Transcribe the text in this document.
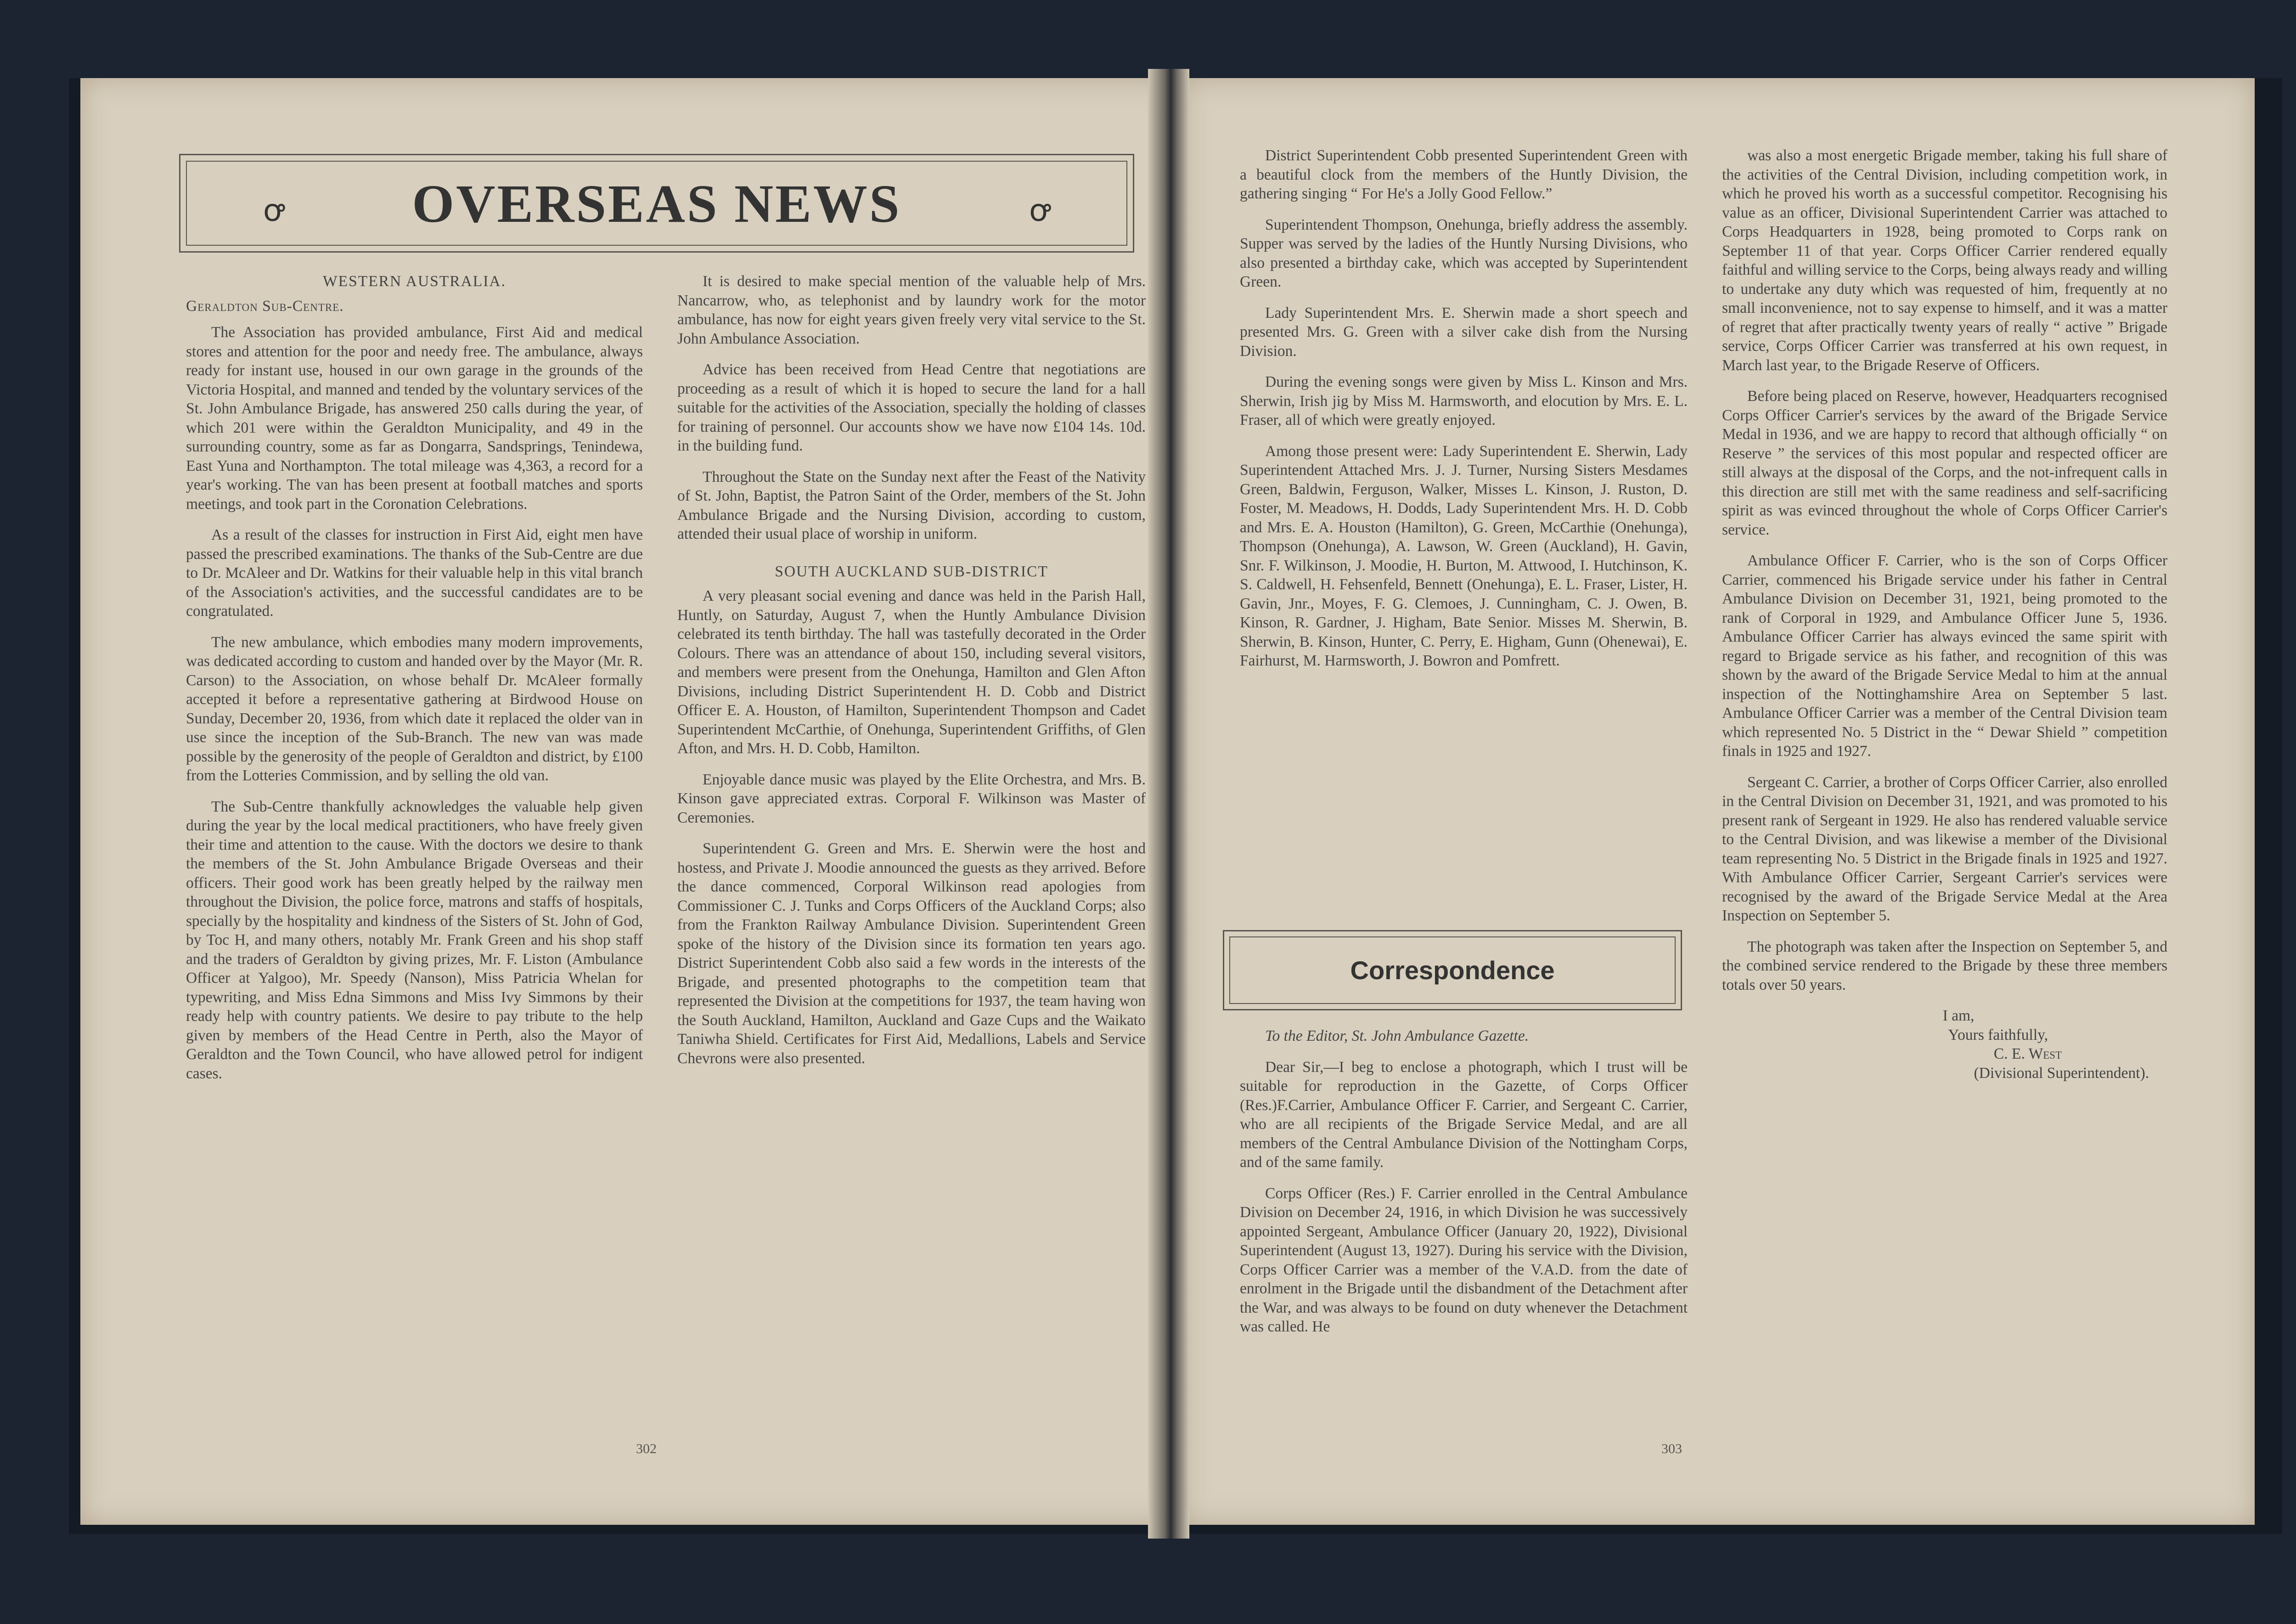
ꝍ	OVERSEAS NEWS	ꝍ

WESTERN AUSTRALIA.

Geraldton Sub-Centre.

The Association has provided ambulance, First Aid and medical stores and attention for the poor and needy free. The ambulance, always ready for instant use, housed in our own garage in the grounds of the Victoria Hospital, and manned and tended by the voluntary services of the St. John Ambulance Brigade, has answered 250 calls during the year, of which 201 were within the Geraldton Municipality, and 49 in the surrounding country, some as far as Dongarra, Sandsprings, Tenindewa, East Yuna and Northampton. The total mileage was 4,363, a record for a year's working. The van has been present at football matches and sports meetings, and took part in the Coronation Celebrations.

As a result of the classes for instruction in First Aid, eight men have passed the prescribed examinations. The thanks of the Sub-Centre are due to Dr. McAleer and Dr. Watkins for their valuable help in this vital branch of the Association's activities, and the successful candidates are to be congratulated.

The new ambulance, which embodies many modern improvements, was dedicated according to custom and handed over by the Mayor (Mr. R. Carson) to the Association, on whose behalf Dr. McAleer formally accepted it before a representative gathering at Birdwood House on Sunday, December 20, 1936, from which date it replaced the older van in use since the inception of the Sub-Branch. The new van was made possible by the generosity of the people of Geraldton and district, by £100 from the Lotteries Commission, and by selling the old van.

The Sub-Centre thankfully acknowledges the valuable help given during the year by the local medical practitioners, who have freely given their time and attention to the cause. With the doctors we desire to thank the members of the St. John Ambulance Brigade Overseas and their officers. Their good work has been greatly helped by the railway men throughout the Division, the police force, matrons and staffs of hospitals, specially by the hospitality and kindness of the Sisters of St. John of God, by Toc H, and many others, notably Mr. Frank Green and his shop staff and the traders of Geraldton by giving prizes, Mr. F. Liston (Ambulance Officer at Yalgoo), Mr. Speedy (Nanson), Miss Patricia Whelan for typewriting, and Miss Edna Simmons and Miss Ivy Simmons by their ready help with country patients. We desire to pay tribute to the help given by members of the Head Centre in Perth, also the Mayor of Geraldton and the Town Council, who have allowed petrol for indigent cases.

It is desired to make special mention of the valuable help of Mrs. Nancarrow, who, as telephonist and by laundry work for the motor ambulance, has now for eight years given freely very vital service to the St. John Ambulance Association.

Advice has been received from Head Centre that negotiations are proceeding as a result of which it is hoped to secure the land for a hall suitable for the activities of the Association, specially the holding of classes for training of personnel. Our accounts show we have now £104 14s. 10d. in the building fund.

Throughout the State on the Sunday next after the Feast of the Nativity of St. John, Baptist, the Patron Saint of the Order, members of the St. John Ambulance Brigade and the Nursing Division, according to custom, attended their usual place of worship in uniform.

SOUTH AUCKLAND SUB-DISTRICT

A very pleasant social evening and dance was held in the Parish Hall, Huntly, on Saturday, August 7, when the Huntly Ambulance Division celebrated its tenth birthday. The hall was tastefully decorated in the Order Colours. There was an attendance of about 150, including several visitors, and members were present from the Onehunga, Hamilton and Glen Afton Divisions, including District Superintendent H. D. Cobb and District Officer E. A. Houston, of Hamilton, Superintendent Thompson and Cadet Superintendent McCarthie, of Onehunga, Superintendent Griffiths, of Glen Afton, and Mrs. H. D. Cobb, Hamilton.

Enjoyable dance music was played by the Elite Orchestra, and Mrs. B. Kinson gave appreciated extras. Corporal F. Wilkinson was Master of Ceremonies.

Superintendent G. Green and Mrs. E. Sherwin were the host and hostess, and Private J. Moodie announced the guests as they arrived. Before the dance commenced, Corporal Wilkinson read apologies from Commissioner C. J. Tunks and Corps Officers of the Auckland Corps; also from the Frankton Railway Ambulance Division. Superintendent Green spoke of the history of the Division since its formation ten years ago. District Superintendent Cobb also said a few words in the interests of the Brigade, and presented photographs to the competition team that represented the Division at the competitions for 1937, the team having won the South Auckland, Hamilton, Auckland and Gaze Cups and the Waikato Taniwha Shield. Certificates for First Aid, Medallions, Labels and Service Chevrons were also presented.

District Superintendent Cobb presented Superintendent Green with a beautiful clock from the members of the Huntly Division, the gathering singing “ For He's a Jolly Good Fellow.”

Superintendent Thompson, Onehunga, briefly address the assembly. Supper was served by the ladies of the Huntly Nursing Divisions, who also presented a birthday cake, which was accepted by Superintendent Green.

Lady Superintendent Mrs. E. Sherwin made a short speech and presented Mrs. G. Green with a silver cake dish from the Nursing Division.

During the evening songs were given by Miss L. Kinson and Mrs. Sherwin, Irish jig by Miss M. Harmsworth, and elocution by Mrs. E. L. Fraser, all of which were greatly enjoyed.

Among those present were: Lady Superintendent E. Sherwin, Lady Superintendent Attached Mrs. J. J. Turner, Nursing Sisters Mesdames Green, Baldwin, Ferguson, Walker, Misses L. Kinson, J. Ruston, D. Foster, M. Meadows, H. Dodds, Lady Superintendent Mrs. H. D. Cobb and Mrs. E. A. Houston (Hamilton), G. Green, McCarthie (Onehunga), Thompson (Onehunga), A. Lawson, W. Green (Auckland), H. Gavin, Snr. F. Wilkinson, J. Moodie, H. Burton, M. Attwood, I. Hutchinson, K. S. Caldwell, H. Fehsenfeld, Bennett (Onehunga), E. L. Fraser, Lister, H. Gavin, Jnr., Moyes, F. G. Clemoes, J. Cunningham, C. J. Owen, B. Kinson, R. Gardner, J. Higham, Bate Senior. Misses M. Sherwin, B. Sherwin, B. Kinson, Hunter, C. Perry, E. Higham, Gunn (Ohenewai), E. Fairhurst, M. Harmsworth, J. Bowron and Pomfrett.

Correspondence

To the Editor, St. John Ambulance Gazette.

Dear Sir,—I beg to enclose a photograph, which I trust will be suitable for reproduction in the Gazette, of Corps Officer (Res.)F.Carrier, Ambulance Officer F. Carrier, and Sergeant C. Carrier, who are all recipients of the Brigade Service Medal, and are all members of the Central Ambulance Division of the Nottingham Corps, and of the same family.

Corps Officer (Res.) F. Carrier enrolled in the Central Ambulance Division on December 24, 1916, in which Division he was successively appointed Sergeant, Ambulance Officer (January 20, 1922), Divisional Superintendent (August 13, 1927). During his service with the Division, Corps Officer Carrier was a member of the V.A.D. from the date of enrolment in the Brigade until the disbandment of the Detachment after the War, and was always to be found on duty whenever the Detachment was called. He

was also a most energetic Brigade member, taking his full share of the activities of the Central Division, including competition work, in which he proved his worth as a successful competitor. Recognising his value as an officer, Divisional Superintendent Carrier was attached to Corps Headquarters in 1928, being promoted to Corps rank on September 11 of that year. Corps Officer Carrier rendered equally faithful and willing service to the Corps, being always ready and willing to undertake any duty which was requested of him, frequently at no small inconvenience, not to say expense to himself, and it was a matter of regret that after practically twenty years of really “ active ” Brigade service, Corps Officer Carrier was transferred at his own request, in March last year, to the Brigade Reserve of Officers.

Before being placed on Reserve, however, Headquarters recognised Corps Officer Carrier's services by the award of the Brigade Service Medal in 1936, and we are happy to record that although officially “ on Reserve ” the services of this most popular and respected officer are still always at the disposal of the Corps, and the not-infrequent calls in this direction are still met with the same readiness and self-sacrificing spirit as was evinced throughout the whole of Corps Officer Carrier's service.

Ambulance Officer F. Carrier, who is the son of Corps Officer Carrier, commenced his Brigade service under his father in Central Ambulance Division on December 31, 1921, being promoted to the rank of Corporal in 1929, and Ambulance Officer June 5, 1936. Ambulance Officer Carrier has always evinced the same spirit with regard to Brigade service as his father, and recognition of this was shown by the award of the Brigade Service Medal to him at the annual inspection of the Nottinghamshire Area on September 5 last. Ambulance Officer Carrier was a member of the Central Division team which represented No. 5 District in the “ Dewar Shield ” competition finals in 1925 and 1927.

Sergeant C. Carrier, a brother of Corps Officer Carrier, also enrolled in the Central Division on December 31, 1921, and was promoted to his present rank of Sergeant in 1929. He also has rendered valuable service to the Central Division, and was likewise a member of the Divisional team representing No. 5 District in the Brigade finals in 1925 and 1927. With Ambulance Officer Carrier, Sergeant Carrier's services were recognised by the award of the Brigade Service Medal at the Area Inspection on September 5.

The photograph was taken after the Inspection on September 5, and the combined service rendered to the Brigade by these three members totals over 50 years.

I am,

Yours faithfully,

C. E. West

(Divisional Superintendent).

302	303
